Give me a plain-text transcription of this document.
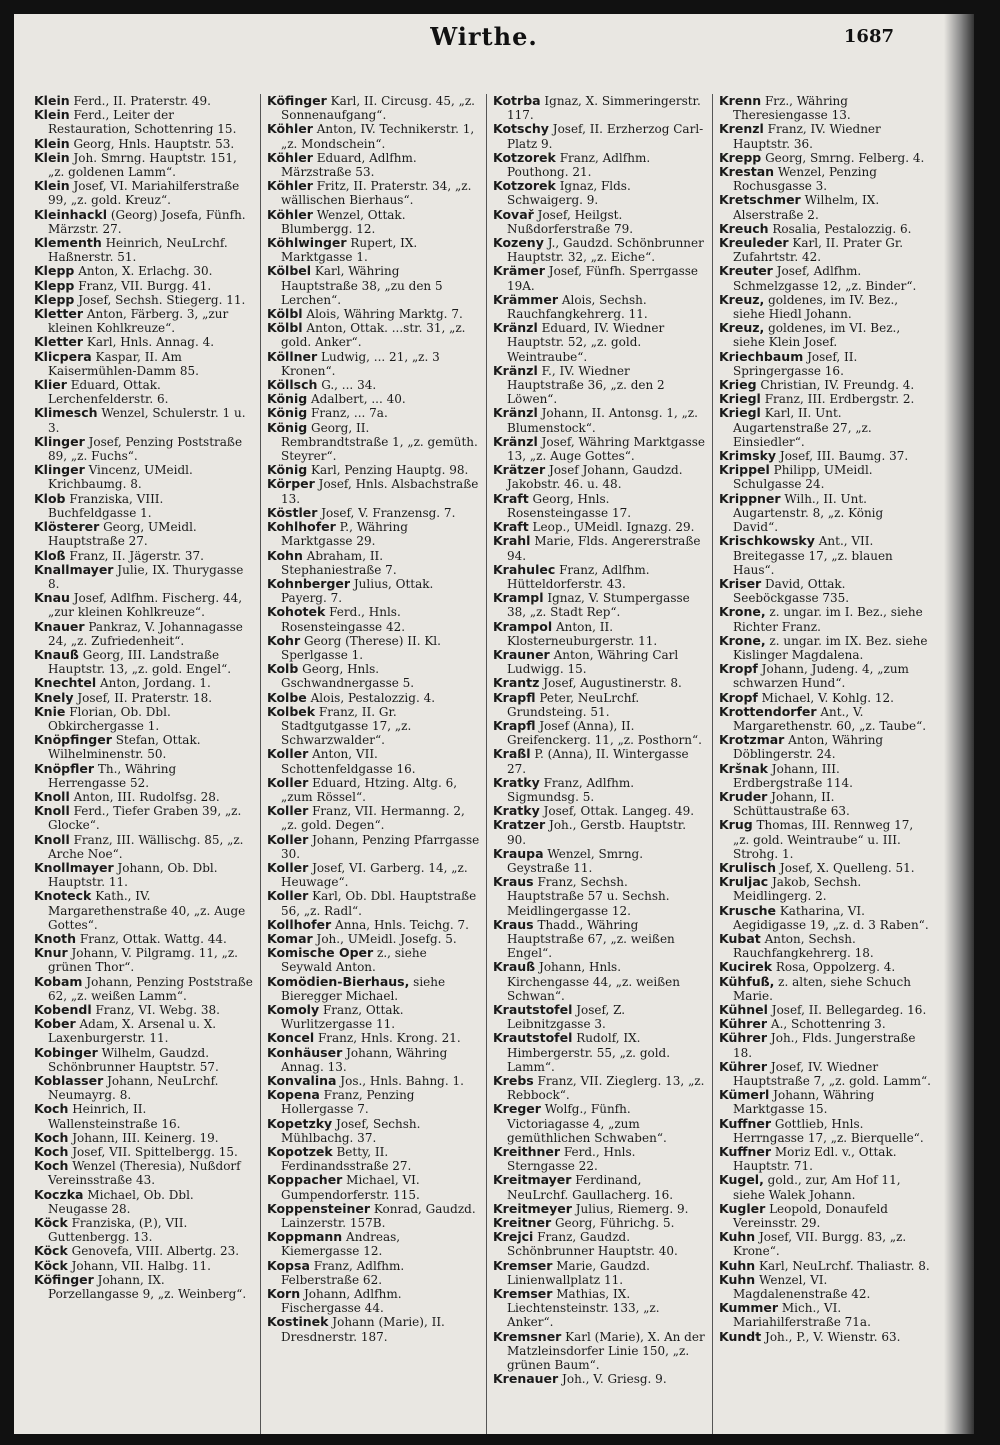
Wirthe.	1687

Klein Ferd., II. Praterstr. 49.

Klein Ferd., Leiter der Restauration, Schottenring 15.

Klein Georg, Hnls. Hauptstr. 53.

Klein Joh. Smrng. Hauptstr. 151, „z. goldenen Lamm“.

Klein Josef, VI. Mariahilferstraße 99, „z. gold. Kreuz“.

Kleinhackl (Georg) Josefa, Fünfh. Märzstr. 27.

Klementh Heinrich, NeuLrchf. Haßnerstr. 51.

Klepp Anton, X. Erlachg. 30.

Klepp Franz, VII. Burgg. 41.

Klepp Josef, Sechsh. Stiegerg. 11.

Kletter Anton, Färberg. 3, „zur kleinen Kohlkreuze“.

Kletter Karl, Hnls. Annag. 4.

Klicpera Kaspar, II. Am Kaisermühlen-Damm 85.

Klier Eduard, Ottak. Lerchenfelderstr. 6.

Klimesch Wenzel, Schulerstr. 1 u. 3.

Klinger Josef, Penzing Poststraße 89, „z. Fuchs“.

Klinger Vincenz, UMeidl. Krichbaumg. 8.

Klob Franziska, VIII. Buchfeldgasse 1.

Klösterer Georg, UMeidl. Hauptstraße 27.

Kloß Franz, II. Jägerstr. 37.

Knallmayer Julie, IX. Thurygasse 8.

Knau Josef, Adlfhm. Fischerg. 44, „zur kleinen Kohlkreuze“.

Knauer Pankraz, V. Johannagasse 24, „z. Zufriedenheit“.

Knauß Georg, III. Landstraße Hauptstr. 13, „z. gold. Engel“.

Knechtel Anton, Jordang. 1.

Knely Josef, II. Praterstr. 18.

Knie Florian, Ob. Dbl. Obkirchergasse 1.

Knöpfinger Stefan, Ottak. Wilhelminenstr. 50.

Knöpfler Th., Währing Herrengasse 52.

Knoll Anton, III. Rudolfsg. 28.

Knoll Ferd., Tiefer Graben 39, „z. Glocke“.

Knoll Franz, III. Wällischg. 85, „z. Arche Noe“.

Knollmayer Johann, Ob. Dbl. Hauptstr. 11.

Knoteck Kath., IV. Margarethenstraße 40, „z. Auge Gottes“.

Knoth Franz, Ottak. Wattg. 44.

Knur Johann, V. Pilgramg. 11, „z. grünen Thor“.

Kobam Johann, Penzing Poststraße 62, „z. weißen Lamm“.

Kobendl Franz, VI. Webg. 38.

Kober Adam, X. Arsenal u. X. Laxenburgerstr. 11.

Kobinger Wilhelm, Gaudzd. Schönbrunner Hauptstr. 57.

Koblasser Johann, NeuLrchf. Neumayrg. 8.

Koch Heinrich, II. Wallensteinstraße 16.

Koch Johann, III. Keinerg. 19.

Koch Josef, VII. Spittelbergg. 15.

Koch Wenzel (Theresia), Nußdorf Vereinsstraße 43.

Koczka Michael, Ob. Dbl. Neugasse 28.

Köck Franziska, (P.), VII. Guttenbergg. 13.

Köck Genovefa, VIII. Albertg. 23.

Köck Johann, VII. Halbg. 11.

Köfinger Johann, IX. Porzellangasse 9, „z. Weinberg“.

Köfinger Karl, II. Circusg. 45, „z. Sonnenaufgang“.

Köhler Anton, IV. Technikerstr. 1, „z. Mondschein“.

Köhler Eduard, Adlfhm. Märzstraße 53.

Köhler Fritz, II. Praterstr. 34, „z. wällischen Bierhaus“.

Köhler Wenzel, Ottak. Blumbergg. 12.

Köhlwinger Rupert, IX. Marktgasse 1.

Kölbel Karl, Währing Hauptstraße 38, „zu den 5 Lerchen“.

Kölbl Alois, Währing Marktg. 7.

Kölbl Anton, Ottak. ...str. 31, „z. gold. Anker“.

Köllner Ludwig, ... 21, „z. 3 Kronen“.

Köllsch G., ... 34.

König Adalbert, ... 40.

König Franz, ... 7a.

König Georg, II. Rembrandtstraße 1, „z. gemüth. Steyrer“.

König Karl, Penzing Hauptg. 98.

Körper Josef, Hnls. Alsbachstraße 13.

Köstler Josef, V. Franzensg. 7.

Kohlhofer P., Währing Marktgasse 29.

Kohn Abraham, II. Stephaniestraße 7.

Kohnberger Julius, Ottak. Payerg. 7.

Kohotek Ferd., Hnls. Rosensteingasse 42.

Kohr Georg (Therese) II. Kl. Sperlgasse 1.

Kolb Georg, Hnls. Gschwandnergasse 5.

Kolbe Alois, Pestalozzig. 4.

Kolbek Franz, II. Gr. Stadtgutgasse 17, „z. Schwarzwalder“.

Koller Anton, VII. Schottenfeldgasse 16.

Koller Eduard, Htzing. Altg. 6, „zum Rössel“.

Koller Franz, VII. Hermanng. 2, „z. gold. Degen“.

Koller Johann, Penzing Pfarrgasse 30.

Koller Josef, VI. Garberg. 14, „z. Heuwage“.

Koller Karl, Ob. Dbl. Hauptstraße 56, „z. Radl“.

Kollhofer Anna, Hnls. Teichg. 7.

Komar Joh., UMeidl. Josefg. 5.

Komische Oper z., siehe Seywald Anton.

Komödien-Bierhaus, siehe Bieregger Michael.

Komoly Franz, Ottak. Wurlitzergasse 11.

Koncel Franz, Hnls. Krong. 21.

Konhäuser Johann, Währing Annag. 13.

Konvalina Jos., Hnls. Bahng. 1.

Kopena Franz, Penzing Hollergasse 7.

Kopetzky Josef, Sechsh. Mühlbachg. 37.

Kopotzek Betty, II. Ferdinandsstraße 27.

Koppacher Michael, VI. Gumpendorferstr. 115.

Koppensteiner Konrad, Gaudzd. Lainzerstr. 157B.

Koppmann Andreas, Kiemergasse 12.

Kopsa Franz, Adlfhm. Felberstraße 62.

Korn Johann, Adlfhm. Fischergasse 44.

Kostinek Johann (Marie), II. Dresdnerstr. 187.

Kotrba Ignaz, X. Simmeringerstr. 117.

Kotschy Josef, II. Erzherzog Carl-Platz 9.

Kotzorek Franz, Adlfhm. Pouthong. 21.

Kotzorek Ignaz, Flds. Schwaigerg. 9.

Kovař Josef, Heilgst. Nußdorferstraße 79.

Kozeny J., Gaudzd. Schönbrunner Hauptstr. 32, „z. Eiche“.

Krämer Josef, Fünfh. Sperrgasse 19A.

Krämmer Alois, Sechsh. Rauchfangkehrerg. 11.

Kränzl Eduard, IV. Wiedner Hauptstr. 52, „z. gold. Weintraube“.

Kränzl F., IV. Wiedner Hauptstraße 36, „z. den 2 Löwen“.

Kränzl Johann, II. Antonsg. 1, „z. Blumenstock“.

Kränzl Josef, Währing Marktgasse 13, „z. Auge Gottes“.

Krätzer Josef Johann, Gaudzd. Jakobstr. 46. u. 48.

Kraft Georg, Hnls. Rosensteingasse 17.

Kraft Leop., UMeidl. Ignazg. 29.

Krahl Marie, Flds. Angererstraße 94.

Krahulec Franz, Adlfhm. Hütteldorferstr. 43.

Krampl Ignaz, V. Stumpergasse 38, „z. Stadt Rep“.

Krampol Anton, II. Klosterneuburgerstr. 11.

Krauner Anton, Währing Carl Ludwigg. 15.

Krantz Josef, Augustinerstr. 8.

Krapfl Peter, NeuLrchf. Grundsteing. 51.

Krapfl Josef (Anna), II. Greifenckerg. 11, „z. Posthorn“.

Kraßl P. (Anna), II. Wintergasse 27.

Kratky Franz, Adlfhm. Sigmundsg. 5.

Kratky Josef, Ottak. Langeg. 49.

Kratzer Joh., Gerstb. Hauptstr. 90.

Kraupa Wenzel, Smrng. Geystraße 11.

Kraus Franz, Sechsh. Hauptstraße 57 u. Sechsh. Meidlingergasse 12.

Kraus Thadd., Währing Hauptstraße 67, „z. weißen Engel“.

Krauß Johann, Hnls. Kirchengasse 44, „z. weißen Schwan“.

Krautstofel Josef, Z. Leibnitzgasse 3.

Krautstofel Rudolf, IX. Himbergerstr. 55, „z. gold. Lamm“.

Krebs Franz, VII. Zieglerg. 13, „z. Rebbock“.

Kreger Wolfg., Fünfh. Victoriagasse 4, „zum gemüthlichen Schwaben“.

Kreithner Ferd., Hnls. Sterngasse 22.

Kreitmayer Ferdinand, NeuLrchf. Gaullacherg. 16.

Kreitmeyer Julius, Riemerg. 9.

Kreitner Georg, Führichg. 5.

Krejci Franz, Gaudzd. Schönbrunner Hauptstr. 40.

Kremser Marie, Gaudzd. Linienwallplatz 11.

Kremser Mathias, IX. Liechtensteinstr. 133, „z. Anker“.

Kremsner Karl (Marie), X. An der Matzleinsdorfer Linie 150, „z. grünen Baum“.

Krenauer Joh., V. Griesg. 9.

Krenn Frz., Währing Theresiengasse 13.

Krenzl Franz, IV. Wiedner Hauptstr. 36.

Krepp Georg, Smrng. Felberg. 4.

Krestan Wenzel, Penzing Rochusgasse 3.

Kretschmer Wilhelm, IX. Alserstraße 2.

Kreuch Rosalia, Pestalozzig. 6.

Kreuleder Karl, II. Prater Gr. Zufahrtstr. 42.

Kreuter Josef, Adlfhm. Schmelzgasse 12, „z. Binder“.

Kreuz, goldenes, im IV. Bez., siehe Hiedl Johann.

Kreuz, goldenes, im VI. Bez., siehe Klein Josef.

Kriechbaum Josef, II. Springergasse 16.

Krieg Christian, IV. Freundg. 4.

Kriegl Franz, III. Erdbergstr. 2.

Kriegl Karl, II. Unt. Augartenstraße 27, „z. Einsiedler“.

Krimsky Josef, III. Baumg. 37.

Krippel Philipp, UMeidl. Schulgasse 24.

Krippner Wilh., II. Unt. Augartenstr. 8, „z. König David“.

Krischkowsky Ant., VII. Breitegasse 17, „z. blauen Haus“.

Kriser David, Ottak. Seeböckgasse 735.

Krone, z. ungar. im I. Bez., siehe Richter Franz.

Krone, z. ungar. im IX. Bez. siehe Kislinger Magdalena.

Kropf Johann, Judeng. 4, „zum schwarzen Hund“.

Kropf Michael, V. Kohlg. 12.

Krottendorfer Ant., V. Margarethenstr. 60, „z. Taube“.

Krotzmar Anton, Währing Döblingerstr. 24.

Kršnak Johann, III. Erdbergstraße 114.

Kruder Johann, II. Schüttaustraße 63.

Krug Thomas, III. Rennweg 17, „z. gold. Weintraube“ u. III. Strohg. 1.

Krulisch Josef, X. Quelleng. 51.

Kruljac Jakob, Sechsh. Meidlingerg. 2.

Krusche Katharina, VI. Aegidigasse 19, „z. d. 3 Raben“.

Kubat Anton, Sechsh. Rauchfangkehrerg. 18.

Kucirek Rosa, Oppolzerg. 4.

Kühfuß, z. alten, siehe Schuch Marie.

Kühnel Josef, II. Bellegardeg. 16.

Kührer A., Schottenring 3.

Kührer Joh., Flds. Jungerstraße 18.

Kührer Josef, IV. Wiedner Hauptstraße 7, „z. gold. Lamm“.

Kümerl Johann, Währing Marktgasse 15.

Kuffner Gottlieb, Hnls. Herrngasse 17, „z. Bierquelle“.

Kuffner Moriz Edl. v., Ottak. Hauptstr. 71.

Kugel, gold., zur, Am Hof 11, siehe Walek Johann.

Kugler Leopold, Donaufeld Vereinsstr. 29.

Kuhn Josef, VII. Burgg. 83, „z. Krone“.

Kuhn Karl, NeuLrchf. Thaliastr. 8.

Kuhn Wenzel, VI. Magdalenenstraße 42.

Kummer Mich., VI. Mariahilferstraße 71a.

Kundt Joh., P., V. Wienstr. 63.
